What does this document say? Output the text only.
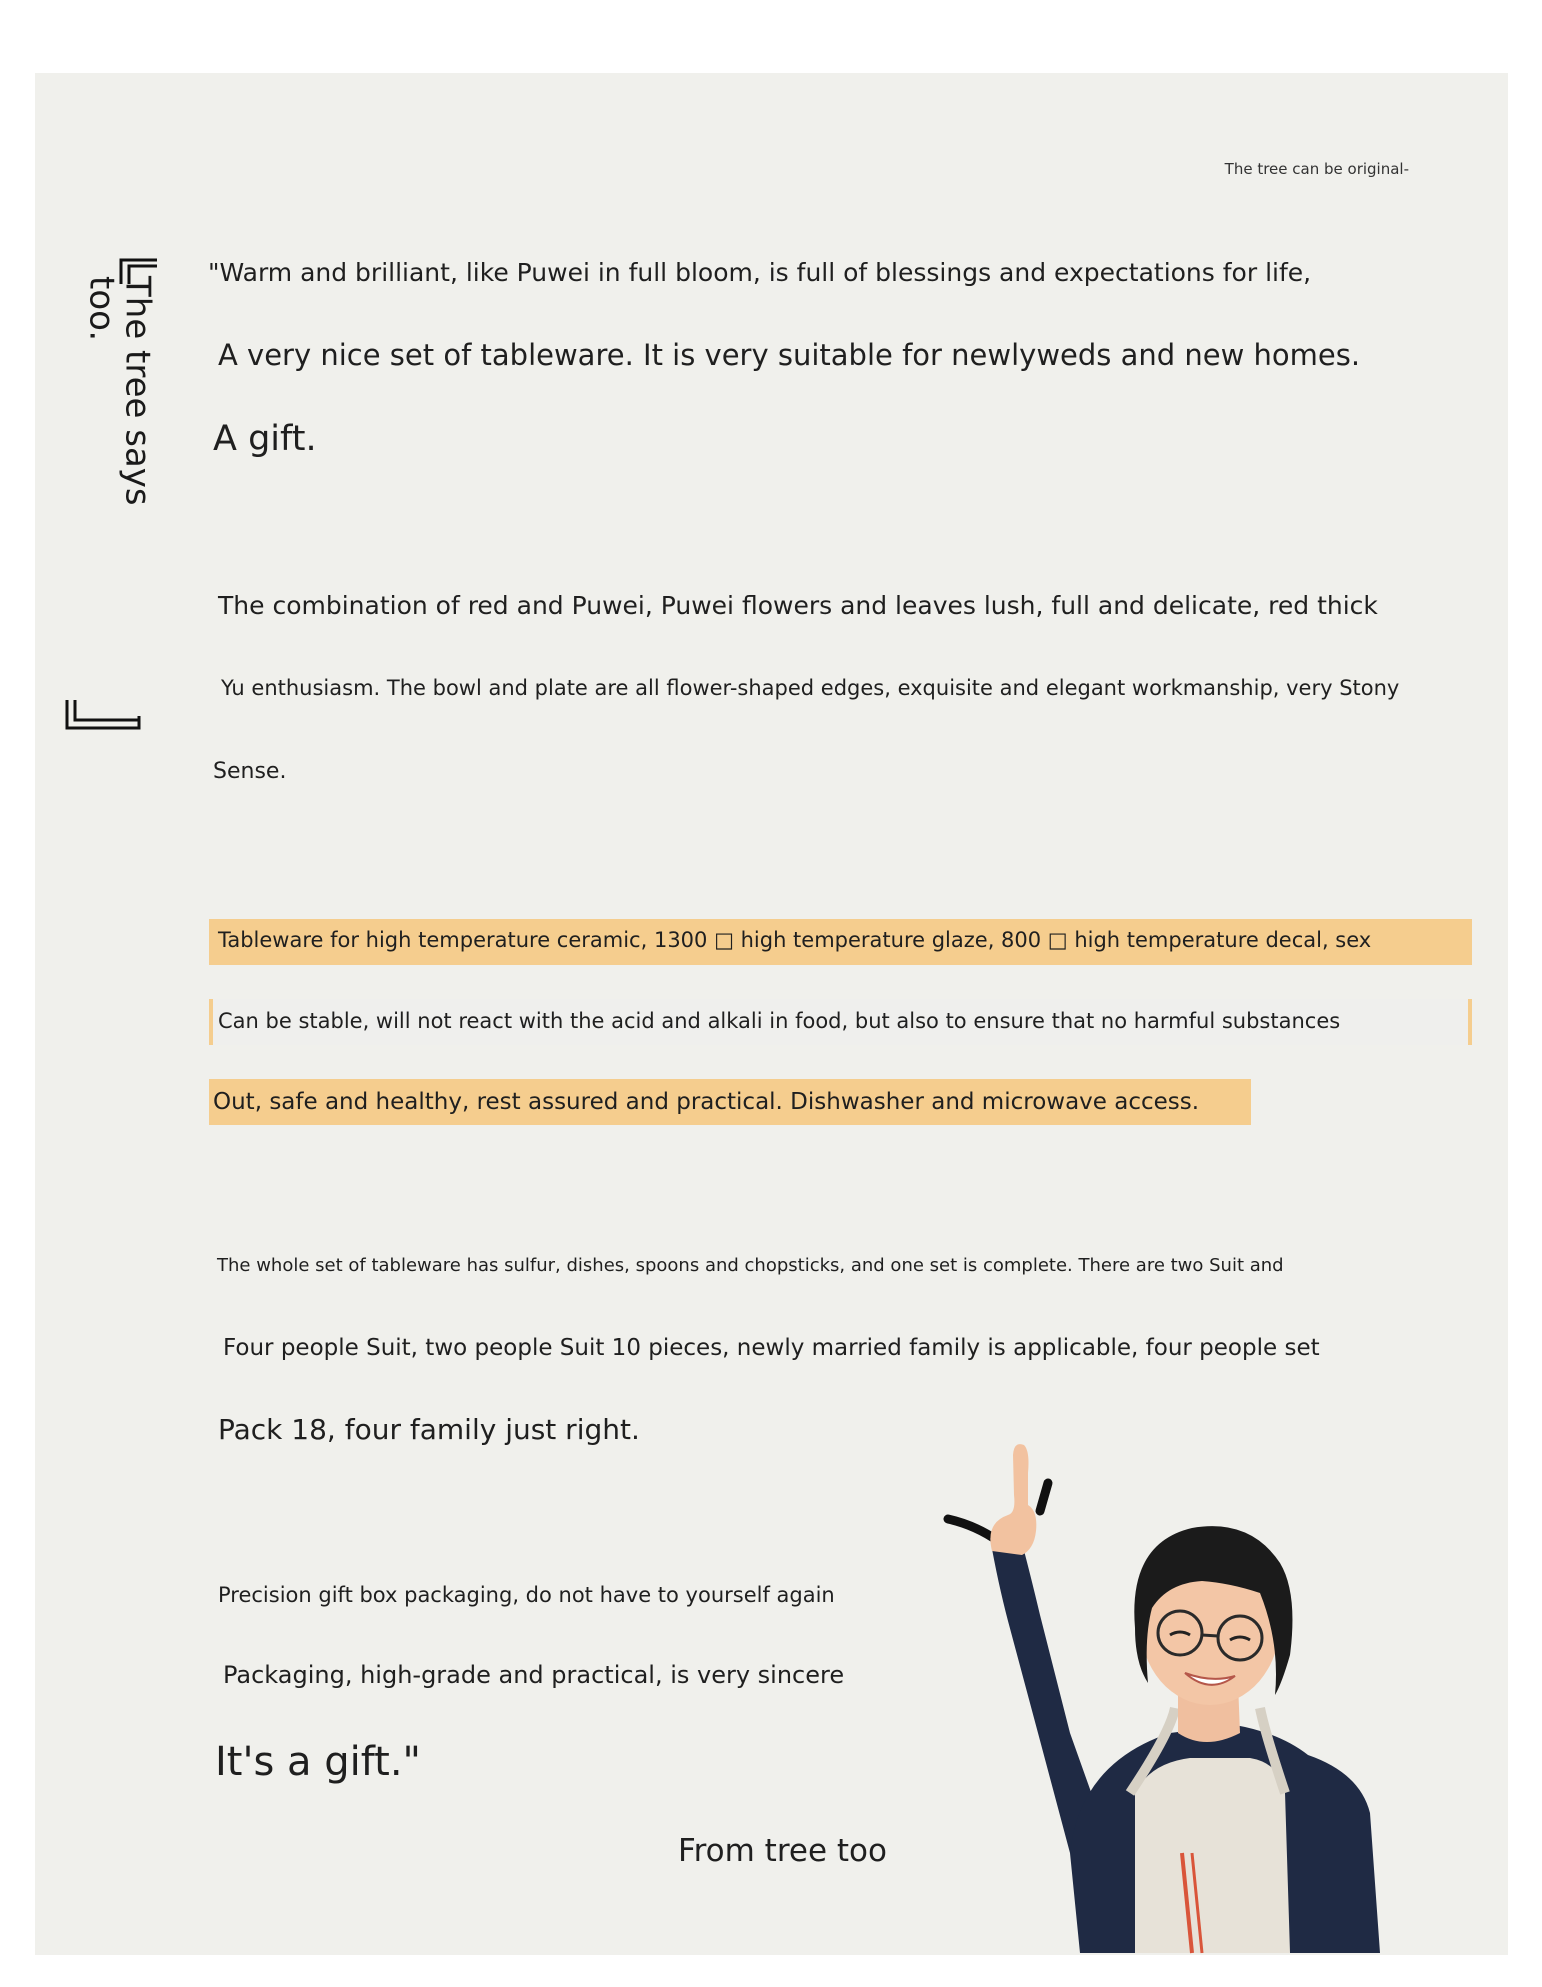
The tree can be original-
The tree says too.
"Warm and brilliant, like Puwei in full bloom, is full of blessings and expectations for life,
A very nice set of tableware. It is very suitable for newlyweds and new homes.
A gift.
The combination of red and Puwei, Puwei flowers and leaves lush, full and delicate, red thick
Yu enthusiasm. The bowl and plate are all flower-shaped edges, exquisite and elegant workmanship, very Stony
Sense.
Tableware for high temperature ceramic, 1300 □ high temperature glaze, 800 □ high temperature decal, sex
Can be stable, will not react with the acid and alkali in food, but also to ensure that no harmful substances
Out, safe and healthy, rest assured and practical. Dishwasher and microwave access.
The whole set of tableware has sulfur, dishes, spoons and chopsticks, and one set is complete. There are two Suit and
Four people Suit, two people Suit 10 pieces, newly married family is applicable, four people set
Pack 18, four family just right.
Precision gift box packaging, do not have to yourself again
Packaging, high-grade and practical, is very sincere
It's a gift."
From tree too
